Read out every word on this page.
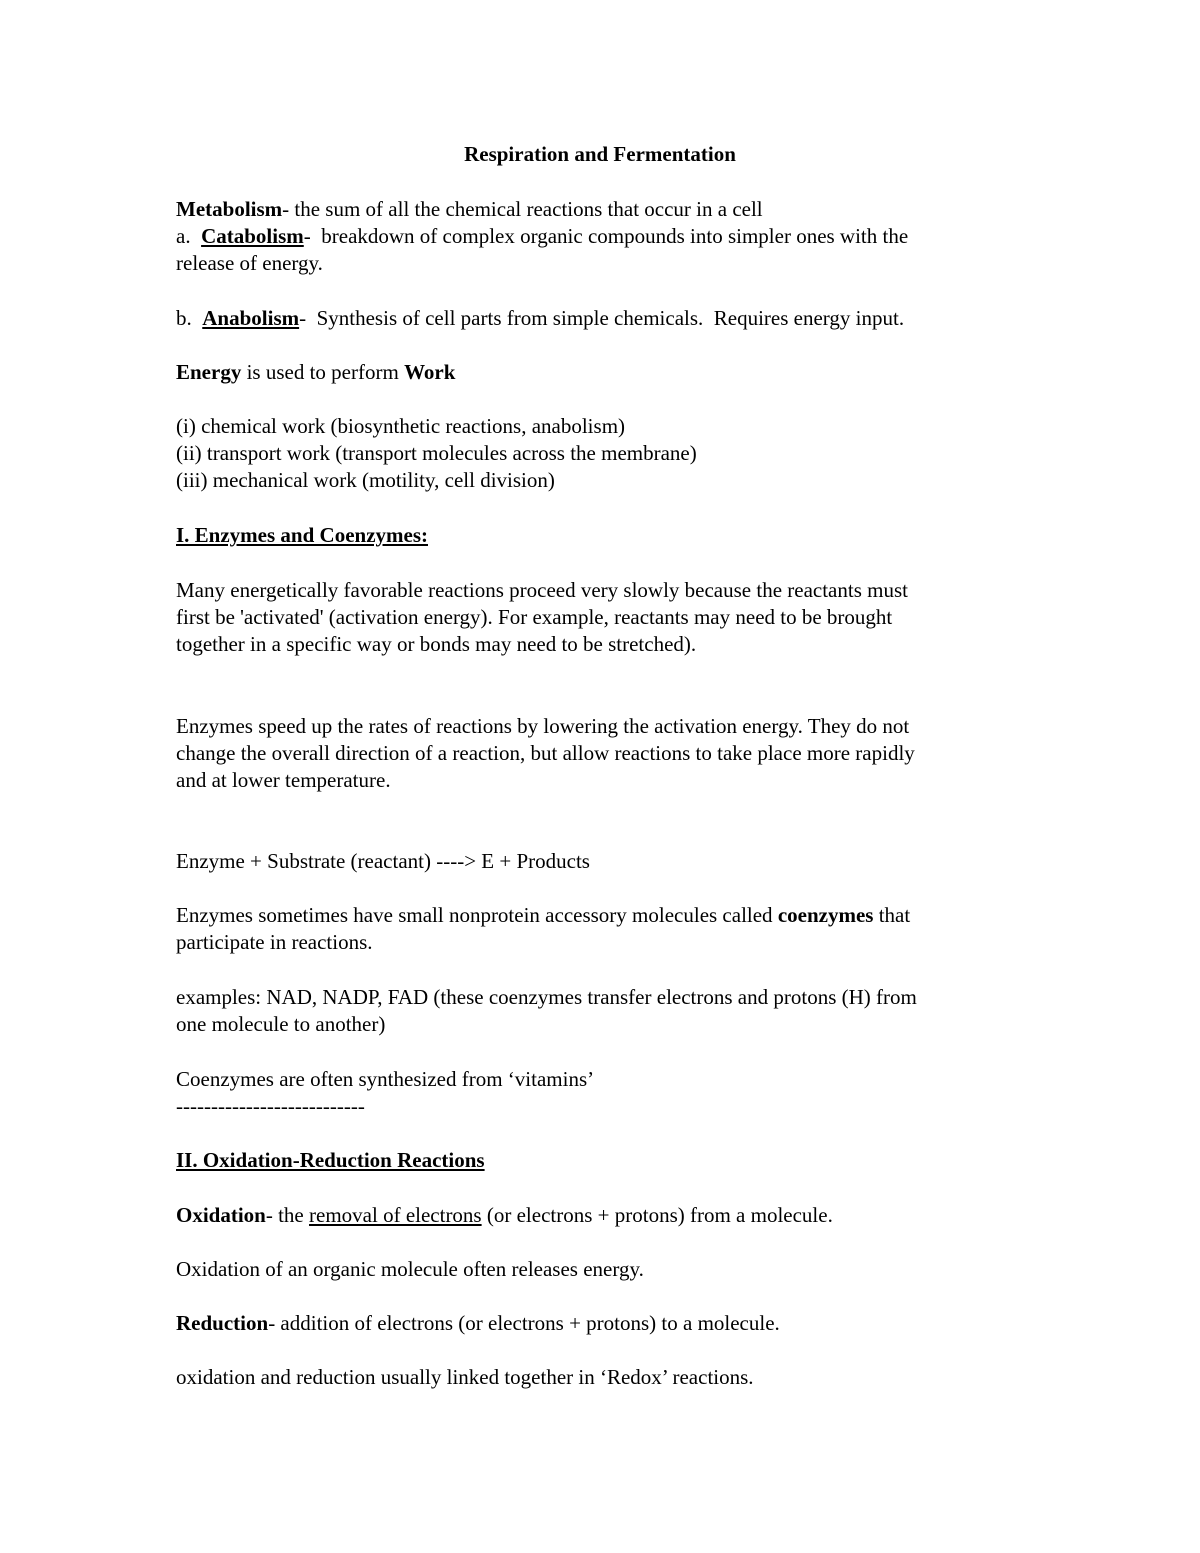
Respiration and Fermentation
Metabolism- the sum of all the chemical reactions that occur in a cell
a.  Catabolism-  breakdown of complex organic compounds into simpler ones with the
release of energy.
b.  Anabolism-  Synthesis of cell parts from simple chemicals.  Requires energy input.
Energy is used to perform Work
(i) chemical work (biosynthetic reactions, anabolism)
(ii) transport work (transport molecules across the membrane)
(iii) mechanical work (motility, cell division)
I. Enzymes and Coenzymes:
Many energetically favorable reactions proceed very slowly because the reactants must
first be 'activated' (activation energy). For example, reactants may need to be brought
together in a specific way or bonds may need to be stretched).
Enzymes speed up the rates of reactions by lowering the activation energy. They do not
change the overall direction of a reaction, but allow reactions to take place more rapidly
and at lower temperature.
Enzyme + Substrate (reactant) ----> E + Products
Enzymes sometimes have small nonprotein accessory molecules called coenzymes that
participate in reactions.
examples: NAD, NADP, FAD (these coenzymes transfer electrons and protons (H) from
one molecule to another)
Coenzymes are often synthesized from ‘vitamins’
---------------------------
II. Oxidation-Reduction Reactions
Oxidation- the removal of electrons (or electrons + protons) from a molecule.
Oxidation of an organic molecule often releases energy.
Reduction- addition of electrons (or electrons + protons) to a molecule.
oxidation and reduction usually linked together in ‘Redox’ reactions.
